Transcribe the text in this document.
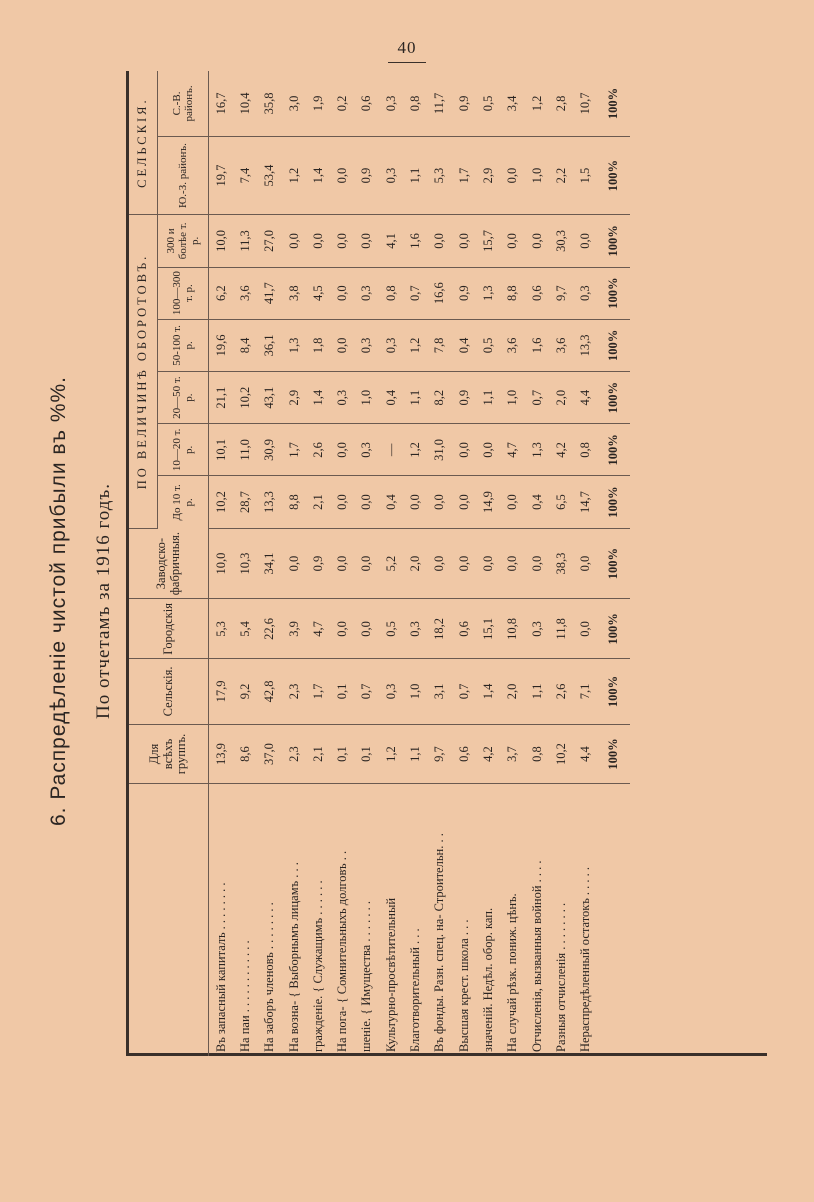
40
6. Распредѣленіе чистой прибыли въ %%. По отчетамъ за 1916 годъ.
	Для всѣхъ группъ.	Сельскія.	Городскія	Заводско-фабричныя.	ПО ВЕЛИЧИНѢ ОБОРОТОВЪ.						СЕЛЬСКІЯ.	
					До 10 т. р.	10—20 т. р.	20—50 т. р.	50-100 т. р.	100—300 т. р.	300 и болѣе т. р.	Ю.-З. районъ.	С.-В. районъ.
Въ запасный капиталъ . . . . . . . .	13,9	17,9	5,3	10,0	10,2	10,1	21,1	19,6	6,2	10,0	19,7	16,7
На паи . . . . . . . . . . . .	8,6	9,2	5,4	10,3	28,7	11,0	10,2	8,4	3,6	11,3	7,4	10,4
На заборъ членовъ . . . . . . . .	37,0	42,8	22,6	34,1	13,3	30,9	43,1	36,1	41,7	27,0	53,4	35,8
На возна- { Выборнымъ лицамъ . . .	2,3	2,3	3,9	0,0	8,8	1,7	2,9	1,3	3,8	0,0	1,2	3,0
гражденіе. { Служащимъ . . . . . .	2,1	1,7	4,7	0,9	2,1	2,6	1,4	1,8	4,5	0,0	1,4	1,9
На пога- { Сомнительныхъ долговъ . .	0,1	0,1	0,0	0,0	0,0	0,0	0,3	0,0	0,0	0,0	0,0	0,2
шеніе. { Имущества . . . . . . .	0,1	0,7	0,0	0,0	0,0	0,3	1,0	0,3	0,3	0,0	0,9	0,6
Культурно-просвѣтительный	1,2	0,3	0,5	5,2	0,4	—	0,4	0,3	0,8	4,1	0,3	0,3
Благотворительный . . .	1,1	1,0	0,3	2,0	0,0	1,2	1,1	1,2	0,7	1,6	1,1	0,8
Въ фонды. Разн. спец. на- Строительн. . .	9,7	3,1	18,2	0,0	0,0	31,0	8,2	7,8	16,6	0,0	5,3	11,7
Высшая крест. школа . . .	0,6	0,7	0,6	0,0	0,0	0,0	0,9	0,4	0,9	0,0	1,7	0,9
значеній. Недѣл. обор. кап.	4,2	1,4	15,1	0,0	14,9	0,0	1,1	0,5	1,3	15,7	2,9	0,5
На случай рѣзк. пониж. цѣнъ.	3,7	2,0	10,8	0,0	0,0	4,7	1,0	3,6	8,8	0,0	0,0	3,4
Отчисленія, вызванныя войной . . . .	0,8	1,1	0,3	0,0	0,4	1,3	0,7	1,6	0,6	0,0	1,0	1,2
Разныя отчисленія . . . . . . . .	10,2	2,6	11,8	38,3	6,5	4,2	2,0	3,6	9,7	30,3	2,2	2,8
Нераспредѣленный остатокъ . . . . .	4,4	7,1	0,0	0,0	14,7	0,8	4,4	13,3	0,3	0,0	1,5	10,7
	100%	100%	100%	100%	100%	100%	100%	100%	100%	100%	100%	100%
